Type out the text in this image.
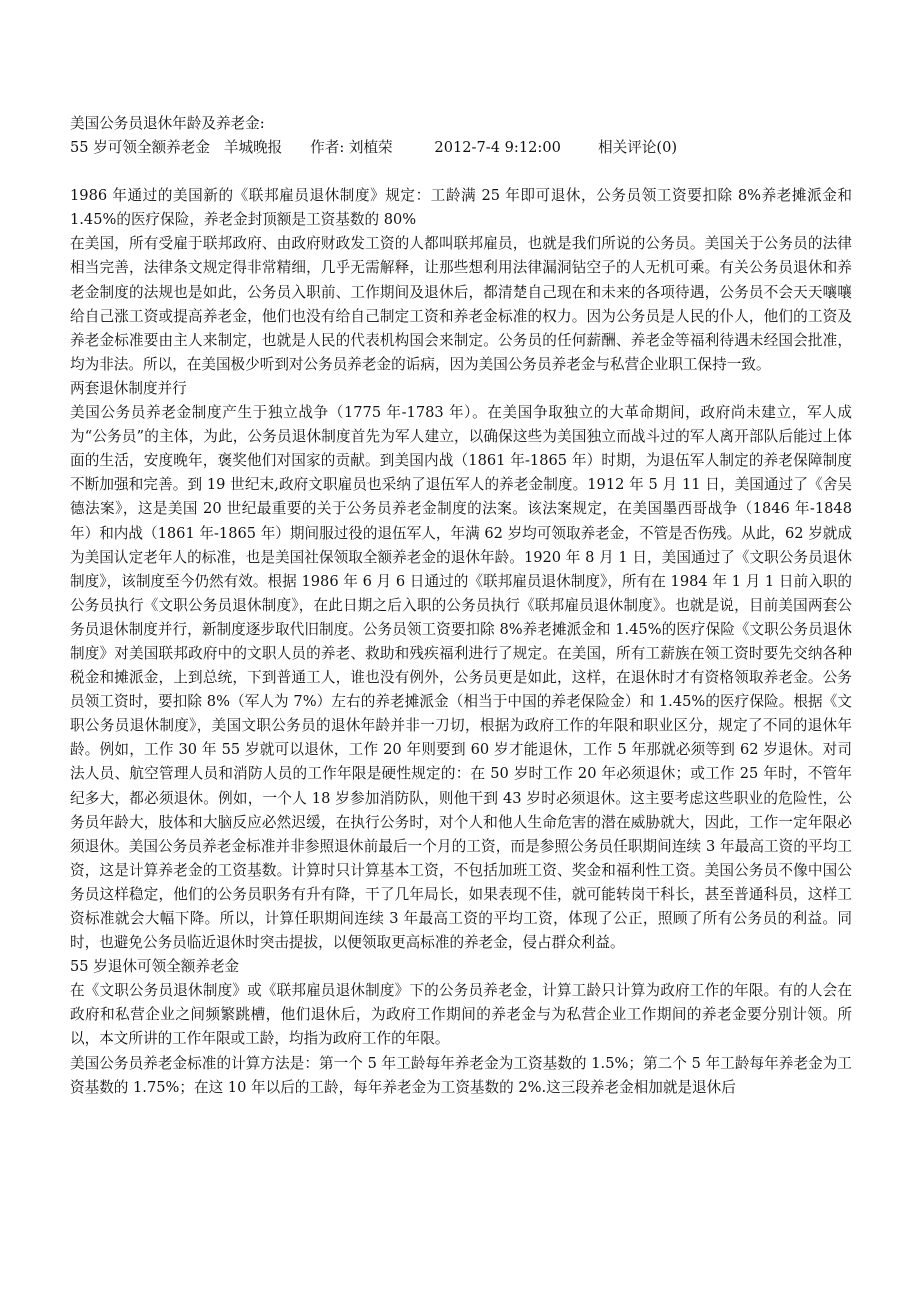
美国公务员退休年龄及养老金:
55 岁可领全额养老金 羊城晚报 作者: 刘植荣	2012-7-4 9:12:00	相关评论(0)

1986 年通过的美国新的《联邦雇员退休制度》规定：工龄满 25 年即可退休，公务员领工资要扣除 8%养老摊派金和 1.45%的医疗保险，养老金封顶额是工资基数的 80%

在美国，所有受雇于联邦政府、由政府财政发工资的人都叫联邦雇员，也就是我们所说的公务员。美国关于公务员的法律相当完善，法律条文规定得非常精细，几乎无需解释，让那些想利用法律漏洞钻空子的人无机可乘。有关公务员退休和养老金制度的法规也是如此，公务员入职前、工作期间及退休后，都清楚自己现在和未来的各项待遇，公务员不会天天嚷嚷给自己涨工资或提高养老金，他们也没有给自己制定工资和养老金标准的权力。因为公务员是人民的仆人，他们的工资及养老金标准要由主人来制定，也就是人民的代表机构国会来制定。公务员的任何薪酬、养老金等福利待遇未经国会批准，均为非法。所以，在美国极少听到对公务员养老金的诟病，因为美国公务员养老金与私营企业职工保持一致。

两套退休制度并行

美国公务员养老金制度产生于独立战争（1775 年-1783 年）。在美国争取独立的大革命期间，政府尚未建立，军人成为“公务员”的主体，为此，公务员退休制度首先为军人建立，以确保这些为美国独立而战斗过的军人离开部队后能过上体面的生活，安度晚年，褒奖他们对国家的贡献。到美国内战（1861 年-1865 年）时期，为退伍军人制定的养老保障制度不断加强和完善。到 19 世纪末,政府文职雇员也采纳了退伍军人的养老金制度。1912 年 5 月 11 日，美国通过了《舍吴德法案》，这是美国 20 世纪最重要的关于公务员养老金制度的法案。该法案规定，在美国墨西哥战争（1846 年-1848 年）和内战（1861 年-1865 年）期间服过役的退伍军人，年满 62 岁均可领取养老金，不管是否伤残。从此，62 岁就成为美国认定老年人的标准，也是美国社保领取全额养老金的退休年龄。1920 年 8 月 1 日，美国通过了《文职公务员退休制度》，该制度至今仍然有效。根据 1986 年 6 月 6 日通过的《联邦雇员退休制度》，所有在 1984 年 1 月 1 日前入职的公务员执行《文职公务员退休制度》，在此日期之后入职的公务员执行《联邦雇员退休制度》。也就是说，目前美国两套公务员退休制度并行，新制度逐步取代旧制度。公务员领工资要扣除 8%养老摊派金和 1.45%的医疗保险《文职公务员退休制度》对美国联邦政府中的文职人员的养老、救助和残疾福利进行了规定。在美国，所有工薪族在领工资时要先交纳各种税金和摊派金，上到总统，下到普通工人，谁也没有例外，公务员更是如此，这样，在退休时才有资格领取养老金。公务员领工资时，要扣除 8%（军人为 7%）左右的养老摊派金（相当于中国的养老保险金）和 1.45%的医疗保险。根据《文职公务员退休制度》，美国文职公务员的退休年龄并非一刀切，根据为政府工作的年限和职业区分，规定了不同的退休年龄。例如，工作 30 年 55 岁就可以退休，工作 20 年则要到 60 岁才能退休，工作 5 年那就必须等到 62 岁退休。对司法人员、航空管理人员和消防人员的工作年限是硬性规定的：在 50 岁时工作 20 年必须退休；或工作 25 年时，不管年纪多大，都必须退休。例如，一个人 18 岁参加消防队，则他干到 43 岁时必须退休。这主要考虑这些职业的危险性，公务员年龄大，肢体和大脑反应必然迟缓，在执行公务时，对个人和他人生命危害的潜在威胁就大，因此，工作一定年限必须退休。美国公务员养老金标准并非参照退休前最后一个月的工资，而是参照公务员任职期间连续 3 年最高工资的平均工资，这是计算养老金的工资基数。计算时只计算基本工资，不包括加班工资、奖金和福利性工资。美国公务员不像中国公务员这样稳定，他们的公务员职务有升有降，干了几年局长，如果表现不佳，就可能转岗干科长，甚至普通科员，这样工资标准就会大幅下降。所以，计算任职期间连续 3 年最高工资的平均工资，体现了公正，照顾了所有公务员的利益。同时，也避免公务员临近退休时突击提拔，以便领取更高标准的养老金，侵占群众利益。

55 岁退休可领全额养老金

在《文职公务员退休制度》或《联邦雇员退休制度》下的公务员养老金，计算工龄只计算为政府工作的年限。有的人会在政府和私营企业之间频繁跳槽，他们退休后，为政府工作期间的养老金与为私营企业工作期间的养老金要分别计领。所以，本文所讲的工作年限或工龄，均指为政府工作的年限。

美国公务员养老金标准的计算方法是：第一个 5 年工龄每年养老金为工资基数的 1.5%；第二个 5 年工龄每年养老金为工资基数的 1.75%；在这 10 年以后的工龄，每年养老金为工资基数的 2%.这三段养老金相加就是退休后
